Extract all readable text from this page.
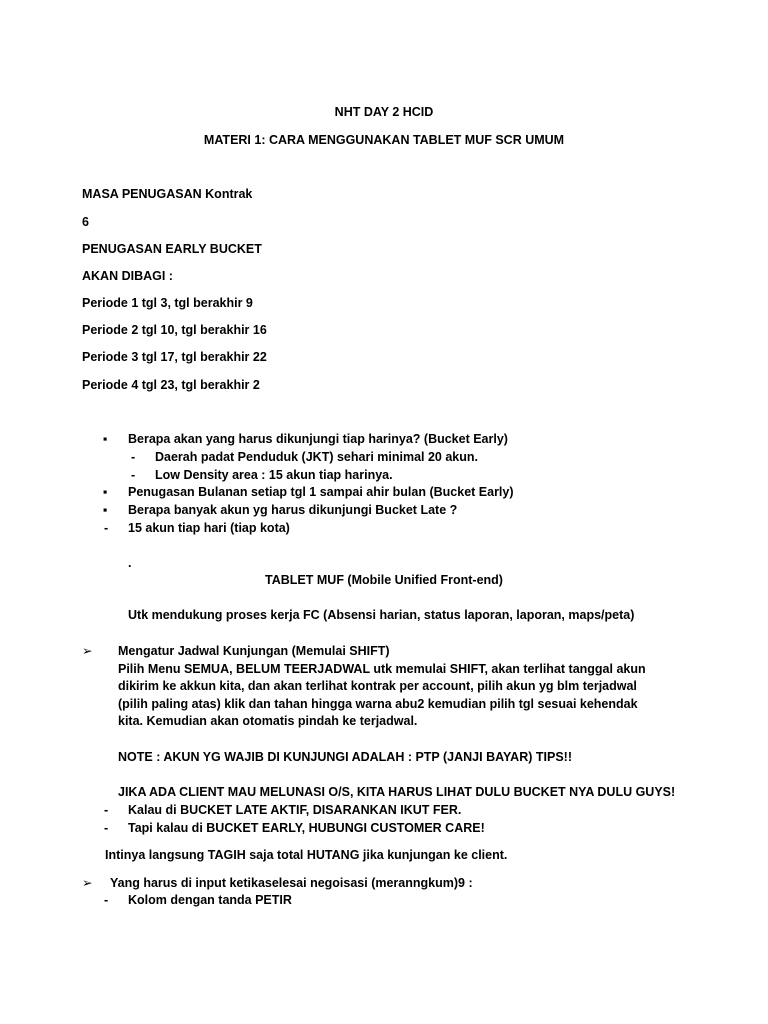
NHT DAY 2 HCID
MATERI 1: CARA MENGGUNAKAN TABLET MUF SCR UMUM
MASA PENUGASAN Kontrak
6
PENUGASAN EARLY BUCKET
AKAN DIBAGI :
Periode 1 tgl 3, tgl berakhir 9
Periode 2 tgl 10, tgl berakhir 16
Periode 3 tgl 17, tgl berakhir 22
Periode 4 tgl 23, tgl berakhir 2
▪ Berapa akan yang harus dikunjungi tiap harinya? (Bucket Early)
- Daerah padat Penduduk (JKT) sehari minimal 20 akun.
- Low Density area : 15 akun tiap harinya.
▪ Penugasan Bulanan setiap tgl 1 sampai ahir bulan (Bucket Early)
▪ Berapa banyak akun yg harus dikunjungi Bucket Late ?
- 15 akun tiap hari (tiap kota)
.
TABLET MUF (Mobile Unified Front-end)
Utk mendukung proses kerja FC (Absensi harian, status laporan, laporan, maps/peta)
➢ Mengatur Jadwal Kunjungan (Memulai SHIFT)
Pilih Menu SEMUA, BELUM TEERJADWAL utk memulai SHIFT, akan terlihat tanggal akun
dikirim ke akkun kita, dan akan terlihat kontrak per account, pilih akun yg blm terjadwal
(pilih paling atas) klik dan tahan hingga warna abu2 kemudian pilih tgl sesuai kehendak
kita. Kemudian akan otomatis pindah ke terjadwal.
NOTE : AKUN YG WAJIB DI KUNJUNGI ADALAH : PTP (JANJI BAYAR) TIPS!!
JIKA ADA CLIENT MAU MELUNASI O/S, KITA HARUS LIHAT DULU BUCKET NYA DULU GUYS!
- Kalau di BUCKET LATE AKTIF, DISARANKAN IKUT FER.
- Tapi kalau di BUCKET EARLY, HUBUNGI CUSTOMER CARE!
Intinya langsung TAGIH saja total HUTANG jika kunjungan ke client.
➢ Yang harus di input ketikaselesai negoisasi (meranngkum)9 :
- Kolom dengan tanda PETIR
